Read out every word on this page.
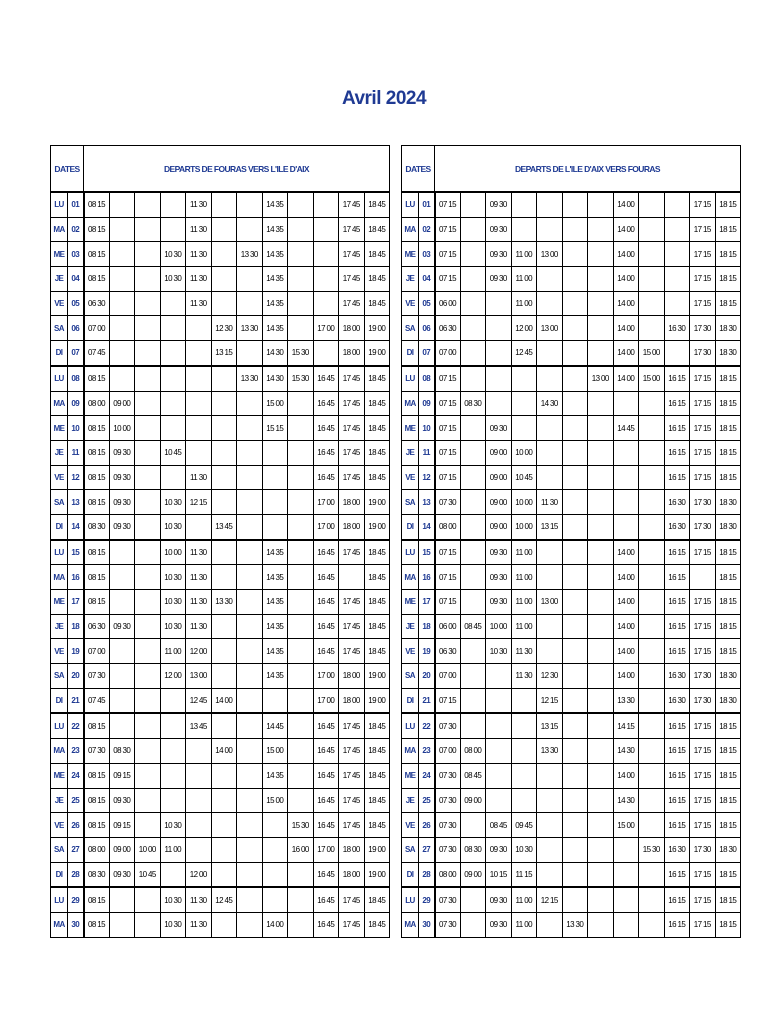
Avril 2024
DATES		DEPARTS DE FOURAS VERS L'ILE D'AIX											
LU	01	08 15				11 30			14 35			17 45	18 45
MA	02	08 15				11 30			14 35			17 45	18 45
ME	03	08 15			10 30	11 30		13 30	14 35			17 45	18 45
JE	04	08 15			10 30	11 30			14 35			17 45	18 45
VE	05	06 30				11 30			14 35			17 45	18 45
SA	06	07 00					12 30	13 30	14 35		17 00	18 00	19 00
DI	07	07 45					13 15		14 30	15 30		18 00	19 00
LU	08	08 15						13 30	14 30	15 30	16 45	17 45	18 45
MA	09	08 00	09 00						15 00		16 45	17 45	18 45
ME	10	08 15	10 00						15 15		16 45	17 45	18 45
JE	11	08 15	09 30		10 45						16 45	17 45	18 45
VE	12	08 15	09 30			11 30					16 45	17 45	18 45
SA	13	08 15	09 30		10 30	12 15					17 00	18 00	19 00
DI	14	08 30	09 30		10 30		13 45				17 00	18 00	19 00
LU	15	08 15			10 00	11 30			14 35		16 45	17 45	18 45
MA	16	08 15			10 30	11 30			14 35		16 45		18 45
ME	17	08 15			10 30	11 30	13 30		14 35		16 45	17 45	18 45
JE	18	06 30	09 30		10 30	11 30			14 35		16 45	17 45	18 45
VE	19	07 00			11 00	12 00			14 35		16 45	17 45	18 45
SA	20	07 30			12 00	13 00			14 35		17 00	18 00	19 00
DI	21	07 45				12 45	14 00				17 00	18 00	19 00
LU	22	08 15				13 45			14 45		16 45	17 45	18 45
MA	23	07 30	08 30				14 00		15 00		16 45	17 45	18 45
ME	24	08 15	09 15						14 35		16 45	17 45	18 45
JE	25	08 15	09 30						15 00		16 45	17 45	18 45
VE	26	08 15	09 15		10 30					15 30	16 45	17 45	18 45
SA	27	08 00	09 00	10 00	11 00					16 00	17 00	18 00	19 00
DI	28	08 30	09 30	10 45		12 00					16 45	18 00	19 00
LU	29	08 15			10 30	11 30	12 45				16 45	17 45	18 45
MA	30	08 15			10 30	11 30			14 00		16 45	17 45	18 45
DATES		DEPARTS DE L'ILE D'AIX VERS FOURAS											
LU	01	07 15		09 30					14 00			17 15	18 15
MA	02	07 15		09 30					14 00			17 15	18 15
ME	03	07 15		09 30	11 00	13 00			14 00			17 15	18 15
JE	04	07 15		09 30	11 00				14 00			17 15	18 15
VE	05	06 00			11 00				14 00			17 15	18 15
SA	06	06 30			12 00	13 00			14 00		16 30	17 30	18 30
DI	07	07 00			12 45				14 00	15 00		17 30	18 30
LU	08	07 15						13 00	14 00	15 00	16 15	17 15	18 15
MA	09	07 15	08 30			14 30					16 15	17 15	18 15
ME	10	07 15		09 30					14 45		16 15	17 15	18 15
JE	11	07 15		09 00	10 00						16 15	17 15	18 15
VE	12	07 15		09 00	10 45						16 15	17 15	18 15
SA	13	07 30		09 00	10 00	11 30					16 30	17 30	18 30
DI	14	08 00		09 00	10 00	13 15					16 30	17 30	18 30
LU	15	07 15		09 30	11 00				14 00		16 15	17 15	18 15
MA	16	07 15		09 30	11 00				14 00		16 15		18 15
ME	17	07 15		09 30	11 00	13 00			14 00		16 15	17 15	18 15
JE	18	06 00	08 45	10 00	11 00				14 00		16 15	17 15	18 15
VE	19	06 30		10 30	11 30				14 00		16 15	17 15	18 15
SA	20	07 00			11 30	12 30			14 00		16 30	17 30	18 30
DI	21	07 15				12 15			13 30		16 30	17 30	18 30
LU	22	07 30				13 15			14 15		16 15	17 15	18 15
MA	23	07 00	08 00			13 30			14 30		16 15	17 15	18 15
ME	24	07 30	08 45						14 00		16 15	17 15	18 15
JE	25	07 30	09 00						14 30		16 15	17 15	18 15
VE	26	07 30		08 45	09 45				15 00		16 15	17 15	18 15
SA	27	07 30	08 30	09 30	10 30					15 30	16 30	17 30	18 30
DI	28	08 00	09 00	10 15	11 15						16 15	17 15	18 15
LU	29	07 30		09 30	11 00	12 15					16 15	17 15	18 15
MA	30	07 30		09 30	11 00		13 30				16 15	17 15	18 15
